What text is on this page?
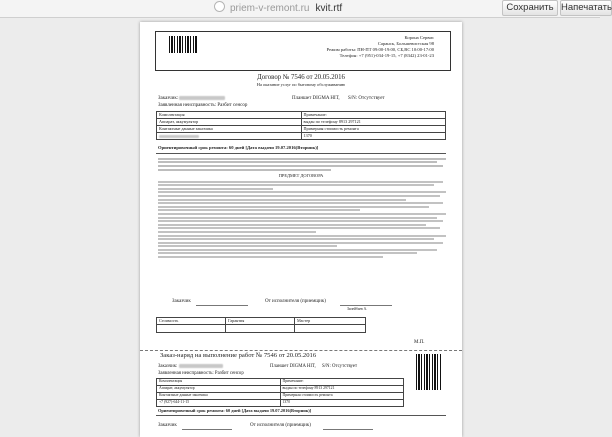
priem-v-remont.ru kvit.rtf	Сохранить Напечатать
Корона Сервис
Саранск, Большевистская 98
Режим работы: ПН-ПТ 09:00-19:00, СБ,ВС 10:00-17:00
Телефон: +7 (951)-034-19-15, +7 (8342) 23-01-23
Договор № 7546 от 20.05.2016
На оказание услуг по бытовому обслуживанию
Заказчик:	Планшет DIGMA HIT, S/N: Отсутствует
Заявленная неисправность: Разбит сенсор
Комплектация	Примечание:
Аппарат, аккумулятор	выдан по телефону 8913 297121
Контактные данные заказчика	Примерная стоимость ремонта
	1370
Ориентировочный срок ремонта: 60 дней [Дата выдачи 19.07.2016(Вторник)]
ПРЕДМЕТ ДОГОВОРА
Заказчик	От исполнителя (приемщик)
Зилейбаев А.
Стоимость	Гарантия	Мастер

М.П.
Заказ-наряд на выполнение работ № 7546 от 20.05.2016
Заказчик:	Планшет DIGMA HIT, S/N: Отсутствует
Заявленная неисправность: Разбит сенсор
Комплектация	Примечание:
Аппарат, аккумулятор	выдан по телефону 8913 297121
Контактные данные заказчика	Примерная стоимость ремонта
+7 (927)-644-11-15	1370
Ориентировочный срок ремонта: 60 дней [Дата выдачи 19.07.2016(Вторник)]
Заказчик	От исполнителя (приемщик)
